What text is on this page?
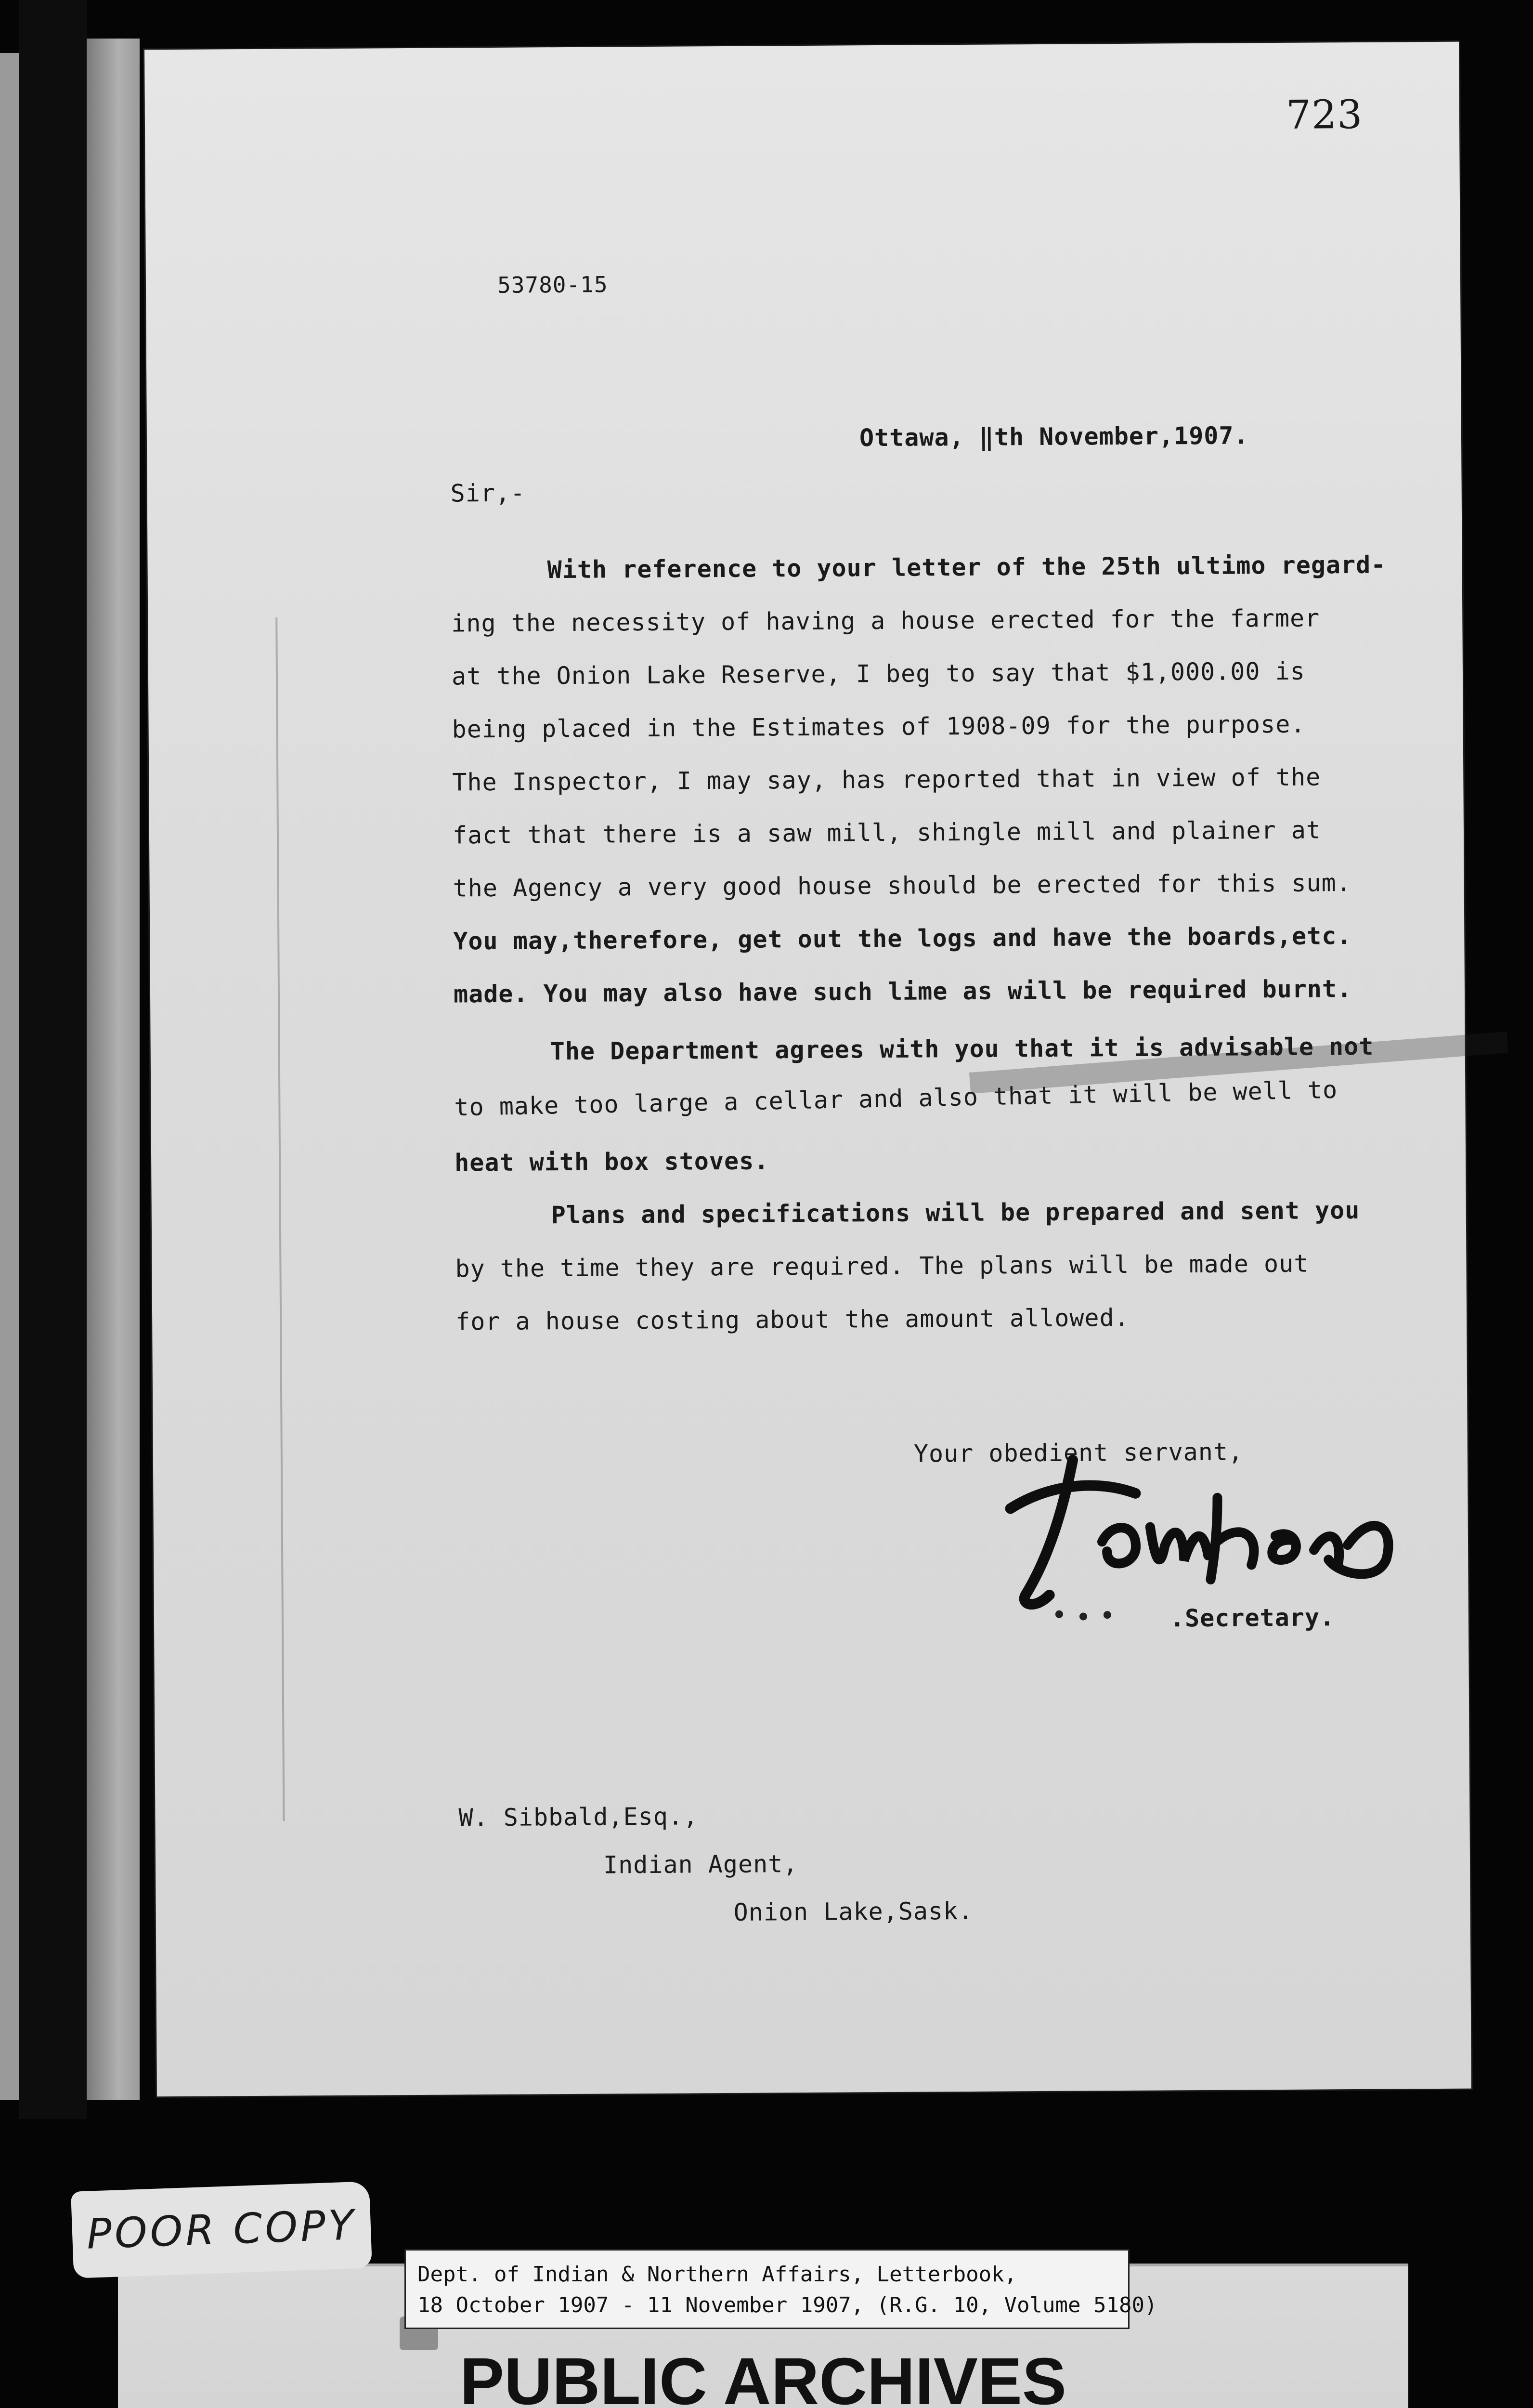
723
53780-15
Ottawa, ‖th November,1907.
Sir,-
With reference to your letter of the 25th ultimo regard-
ing the necessity of having a house erected for the farmer
at the Onion Lake Reserve, I beg to say that $1,000.00 is
being placed in the Estimates of 1908-09 for the purpose.
The Inspector, I may say, has reported that in view of the
fact that there is a saw mill, shingle mill and plainer at
the Agency a very good house should be erected for this sum.
You may,therefore, get out the logs and have the boards,etc.
made. You may also have such lime as will be required burnt.
The Department agrees with you that it is advisable not
to make too large a cellar and also that it will be well to
heat with box stoves.
Plans and specifications will be prepared and sent you
by the time they are required. The plans will be made out
for a house costing about the amount allowed.
Your obedient servant,
.Secretary.
W. Sibbald,Esq.,
Indian Agent,
Onion Lake,Sask.
PUBLIC ARCHIVES
POOR COPY
Dept. of Indian & Northern Affairs, Letterbook,
18 October 1907 - 11 November 1907, (R.G. 10, Volume 5180)
